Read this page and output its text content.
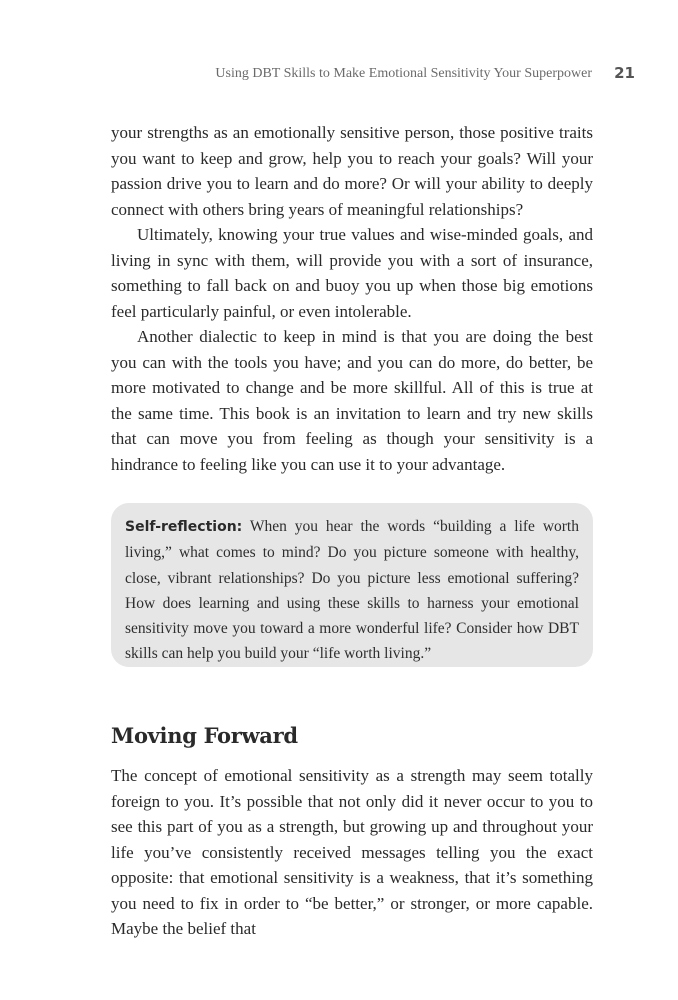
Using DBT Skills to Make Emotional Sensitivity Your Superpower 21

your strengths as an emotionally sensitive person, those positive traits you want to keep and grow, help you to reach your goals? Will your passion drive you to learn and do more? Or will your ability to deeply connect with others bring years of meaningful relationships?

Ultimately, knowing your true values and wise-minded goals, and living in sync with them, will provide you with a sort of insurance, something to fall back on and buoy you up when those big emotions feel particularly painful, or even intolerable.

Another dialectic to keep in mind is that you are doing the best you can with the tools you have; and you can do more, do better, be more motivated to change and be more skillful. All of this is true at the same time. This book is an invitation to learn and try new skills that can move you from feeling as though your sensitivity is a hindrance to feeling like you can use it to your advantage.

Self-reflection: When you hear the words “building a life worth living,” what comes to mind? Do you picture someone with healthy, close, vibrant relationships? Do you picture less emotional suffering? How does learning and using these skills to harness your emotional sensitivity move you toward a more wonderful life? Consider how DBT skills can help you build your “life worth living.”

Moving Forward

The concept of emotional sensitivity as a strength may seem totally foreign to you. It’s possible that not only did it never occur to you to see this part of you as a strength, but growing up and throughout your life you’ve consistently received messages telling you the exact opposite: that emotional sensitivity is a weakness, that it’s something you need to fix in order to “be better,” or stronger, or more capable. Maybe the belief that
